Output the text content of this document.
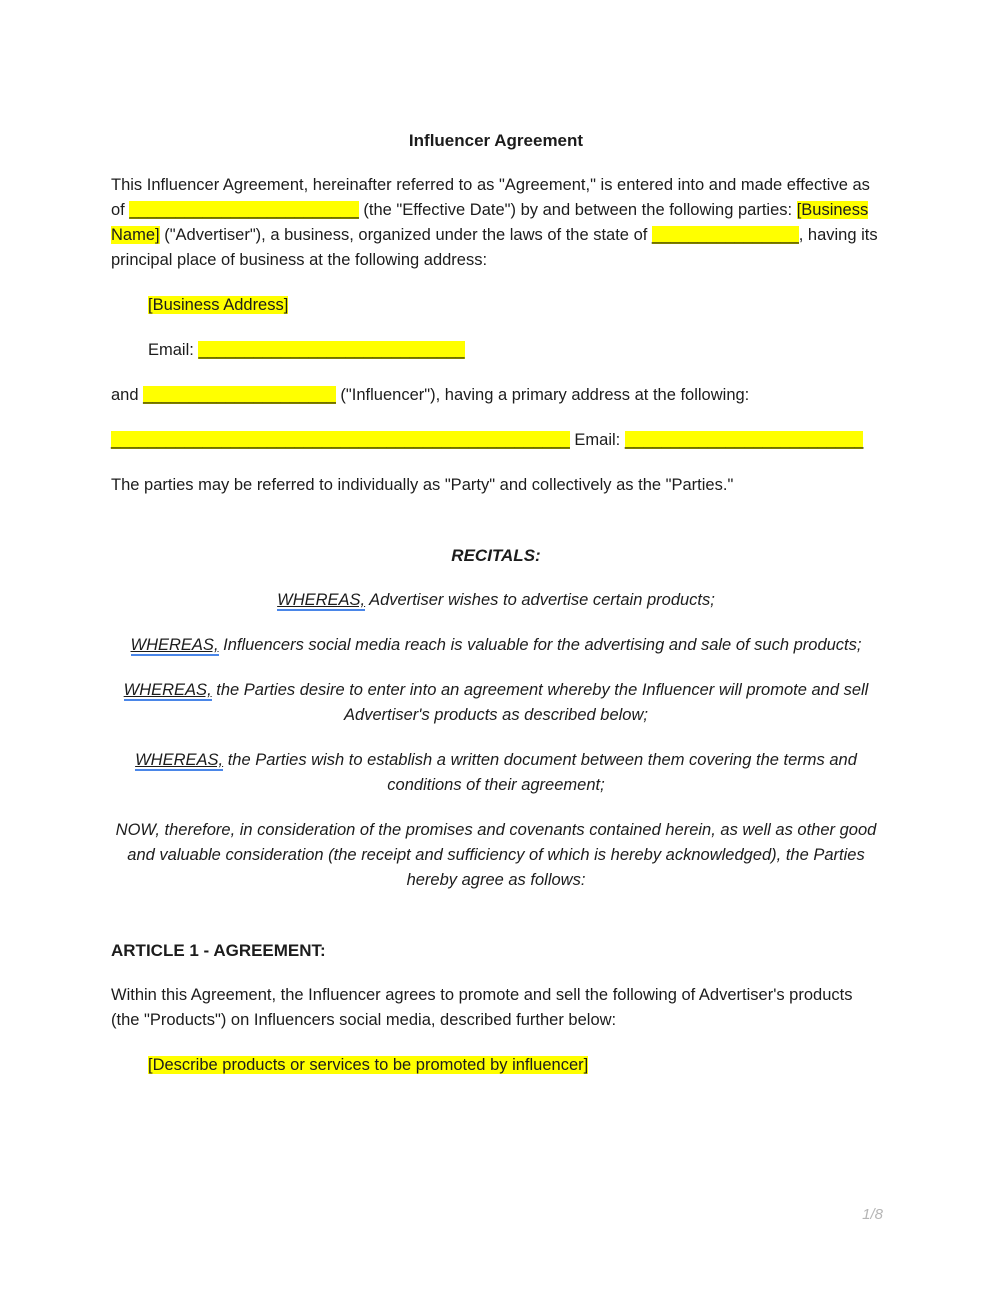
Influencer Agreement

This Influencer Agreement, hereinafter referred to as "Agreement," is entered into and made effective as of _________________________ (the "Effective Date") by and between the following parties: [Business Name] ("Advertiser"), a business, organized under the laws of the state of ________________, having its principal place of business at the following address:

[Business Address]

Email: _____________________________

and _____________________ ("Influencer"), having a primary address at the following:

__________________________________________________ Email: __________________________

The parties may be referred to individually as "Party" and collectively as the "Parties."

RECITALS:

WHEREAS, Advertiser wishes to advertise certain products;

WHEREAS, Influencers social media reach is valuable for the advertising and sale of such products;

WHEREAS, the Parties desire to enter into an agreement whereby the Influencer will promote and sell Advertiser's products as described below;

WHEREAS, the Parties wish to establish a written document between them covering the terms and conditions of their agreement;

NOW, therefore, in consideration of the promises and covenants contained herein, as well as other good and valuable consideration (the receipt and sufficiency of which is hereby acknowledged), the Parties hereby agree as follows:

ARTICLE 1 - AGREEMENT:

Within this Agreement, the Influencer agrees to promote and sell the following of Advertiser's products (the "Products") on Influencers social media, described further below:

[Describe products or services to be promoted by influencer]

1/8
